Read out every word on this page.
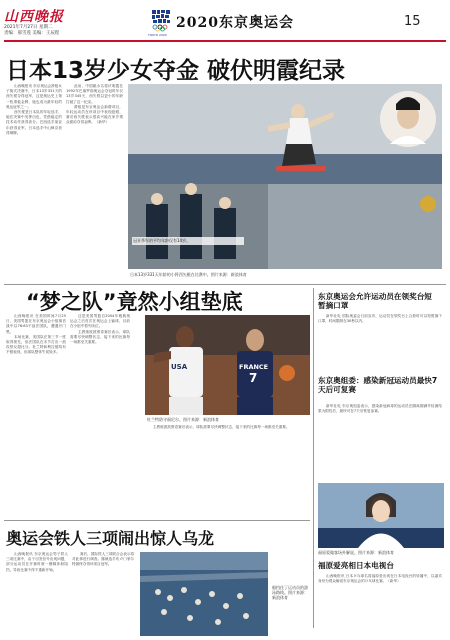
山西晚报
2021年7月27日 星期二
责编：郝雪莲 美编：王辰程	TOKYO 2020
2020东京奥运会	15
日本13岁少女夺金 破伏明霞纪录

山西晚报讯 东京奥运会滑板女子街式决赛中，日本13岁331天的西矢椛夺得冠军，这是奥运史上第一枚滑板金牌，她也成为最年轻的奥运冠军之一。

西矢椛是日本队的年轻选手，她在决赛中发挥出色，凭借稳定的技术动作获得高分。巴西选手莱亚尔获得亚军，日本选手中山枫奈获得铜牌。

此前，中国跳水名将伏明霞在1992年巴塞罗那奥运会夺冠时年仅13岁345天，西矢椛以更小的年龄打破了这一纪录。

滑板是东京奥运会新增项目，年轻运动员在该项目中表现抢眼，赛后西矢椛表示很高兴能在家乡观众面前夺得金牌。（新华）

冠亚季军的平均年龄仅有14岁。
日本13岁331天年龄的小将西矢椛在比赛中。图片来源：新浪体育
“梦之队”竟然小组垫底

山西晚报讯 在美国时间7月25日，美国男篮在东京奥运会小组赛首战中以76:83不敌法国队，遭遇开门黑。

本场比赛，美国队在第三节一度取得领先，但法国队在末节打出一波攻势反超比分。杜兰特和利拉德均有不错表现，但球队整体失误较多。

这是美国男篮自2004年雅典奥运会之后首次在奥运会上输球，目前在小组中暂列末位。

主教练波波维奇赛后表示，球队需要尽快调整状态，接下来的比赛每一场都至关重要。

USA	FRANCE
7
杜兰特防守福尼尔。图片来源：新浪体育

主教练波波维奇赛后表示，球队需要尽快调整状态，接下来的比赛每一场都至关重要。

东京奥运会允许运动员在领奖台短暂摘口罩

新华社电 国际奥委会日前宣布，运动员在领奖台上合影时可以短暂摘下口罩，时间限制在30秒以内。

东京奥组委：感染新冠运动员最快7天后可复赛

新华社电 东京奥组委表示，感染新冠病毒的运动员在隔离期满并检测结果为阴性后，最快可在7天后恢复参赛。

福原爱做客场外解说。图片来源：新浪体育
福原爱亮相日本电视台

山西晚报讯 日本乒乓球名将福原爱出现在日本电视台的转播中，以嘉宾身份为观众解说东京奥运会的乒乓球比赛。（新华）

奥运会铁人三项闹出惊人乌龙

山西晚报讯 东京奥运会男子铁人三项比赛中，由于出发信号出现问题，部分运动员在开赛时被一艘媒体船阻挡，导致比赛不得不重新开始。

赛后，国际铁人三项联合会表示将对此事进行调查。挪威选手布卢门菲尔特最终夺得该项目冠军。

船挡住了运动员的游泳路线。图片来源：新浪体育
